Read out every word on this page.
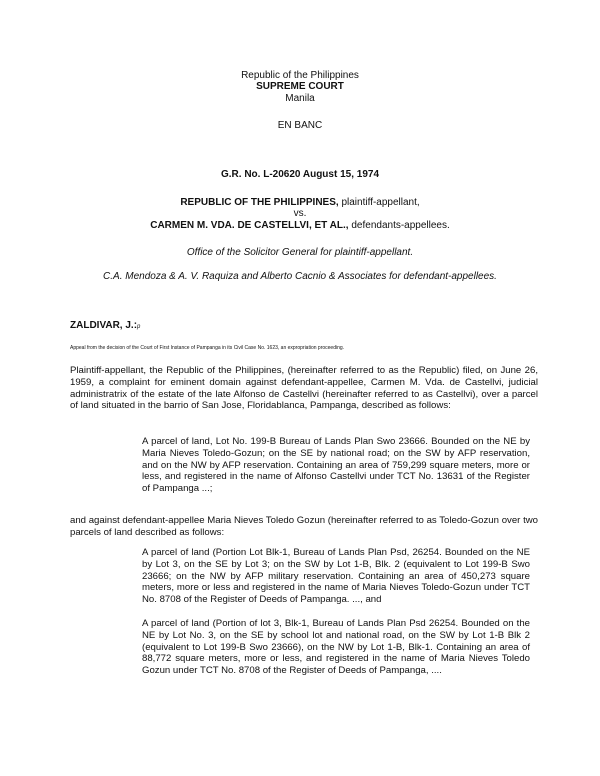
Republic of the Philippines
SUPREME COURT
Manila
EN BANC
G.R. No. L-20620 August 15, 1974
REPUBLIC OF THE PHILIPPINES, plaintiff-appellant,
vs.
CARMEN M. VDA. DE CASTELLVI, ET AL., defendants-appellees.
Office of the Solicitor General for plaintiff-appellant.
C.A. Mendoza & A. V. Raquiza and Alberto Cacnio & Associates for defendant-appellees.
ZALDIVAR, J.:p
Appeal from the decision of the Court of First Instance of Pampanga in its Civil Case No. 1623, an expropriation proceeding.
Plaintiff-appellant, the Republic of the Philippines, (hereinafter referred to as the Republic) filed, on June 26, 1959, a complaint for eminent domain against defendant-appellee, Carmen M. Vda. de Castellvi, judicial administratrix of the estate of the late Alfonso de Castellvi (hereinafter referred to as Castellvi), over a parcel of land situated in the barrio of San Jose, Floridablanca, Pampanga, described as follows:
A parcel of land, Lot No. 199-B Bureau of Lands Plan Swo 23666. Bounded on the NE by Maria Nieves Toledo-Gozun; on the SE by national road; on the SW by AFP reservation, and on the NW by AFP reservation. Containing an area of 759,299 square meters, more or less, and registered in the name of Alfonso Castellvi under TCT No. 13631 of the Register of Pampanga ...;
and against defendant-appellee Maria Nieves Toledo Gozun (hereinafter referred to as Toledo-Gozun over two parcels of land described as follows:
A parcel of land (Portion Lot Blk-1, Bureau of Lands Plan Psd, 26254. Bounded on the NE by Lot 3, on the SE by Lot 3; on the SW by Lot 1-B, Blk. 2 (equivalent to Lot 199-B Swo 23666; on the NW by AFP military reservation. Containing an area of 450,273 square meters, more or less and registered in the name of Maria Nieves Toledo-Gozun under TCT No. 8708 of the Register of Deeds of Pampanga. ..., and
A parcel of land (Portion of lot 3, Blk-1, Bureau of Lands Plan Psd 26254. Bounded on the NE by Lot No. 3, on the SE by school lot and national road, on the SW by Lot 1-B Blk 2 (equivalent to Lot 199-B Swo 23666), on the NW by Lot 1-B, Blk-1. Containing an area of 88,772 square meters, more or less, and registered in the name of Maria Nieves Toledo Gozun under TCT No. 8708 of the Register of Deeds of Pampanga, ....
